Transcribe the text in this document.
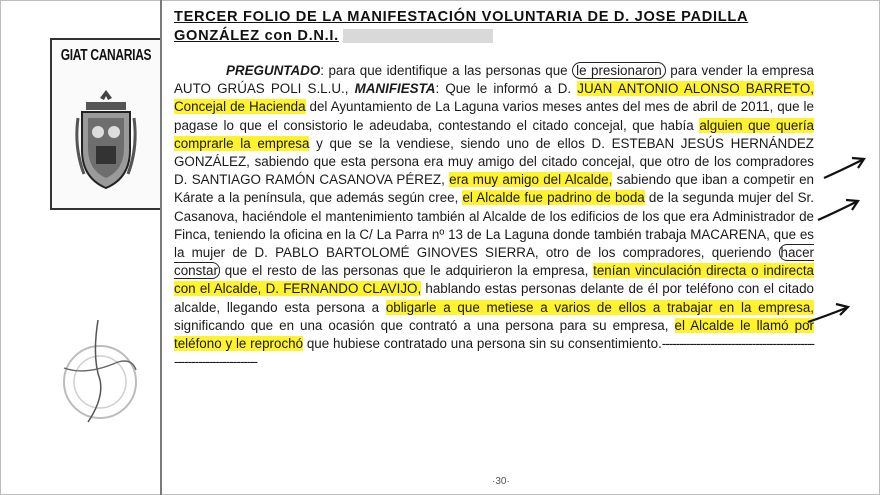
GIAT CANARIAS
TERCER FOLIO DE LA MANIFESTACIÓN VOLUNTARIA DE D. JOSE PADILLA GONZÁLEZ con D.N.I.
PREGUNTADO: para que identifique a las personas que le presionaron para vender la empresa AUTO GRÚAS POLI S.L.U., MANIFIESTA: Que le informó a D. JUAN ANTONIO ALONSO BARRETO, Concejal de Hacienda del Ayuntamiento de La Laguna varios meses antes del mes de abril de 2011, que le pagase lo que el consistorio le adeudaba, contestando el citado concejal, que había alguien que quería comprarle la empresa y que se la vendiese, siendo uno de ellos D. ESTEBAN JESÚS HERNÁNDEZ GONZÁLEZ, sabiendo que esta persona era muy amigo del citado concejal, que otro de los compradores D. SANTIAGO RAMÓN CASANOVA PÉREZ, era muy amigo del Alcalde, sabiendo que iban a competir en Kárate a la península, que además según cree, el Alcalde fue padrino de boda de la segunda mujer del Sr. Casanova, haciéndole el mantenimiento también al Alcalde de los edificios de los que era Administrador de Finca, teniendo la oficina en la C/ La Parra nº 13 de La Laguna donde también trabaja MACARENA, que es la mujer de D. PABLO BARTOLOMÉ GINOVES SIERRA, otro de los compradores, queriendo hacer constar que el resto de las personas que le adquirieron la empresa, tenían vinculación directa o indirecta con el Alcalde, D. FERNANDO CLAVIJO, hablando estas personas delante de él por teléfono con el citado alcalde, llegando esta persona a obligarle a que metiese a varios de ellos a trabajar en la empresa, significando que en una ocasión que contrató a una persona para su empresa, el Alcalde le llamó por teléfono y le reprochó que hubiese contratado una persona sin su consentimiento.--------------------------------------------------------------------
·30·
